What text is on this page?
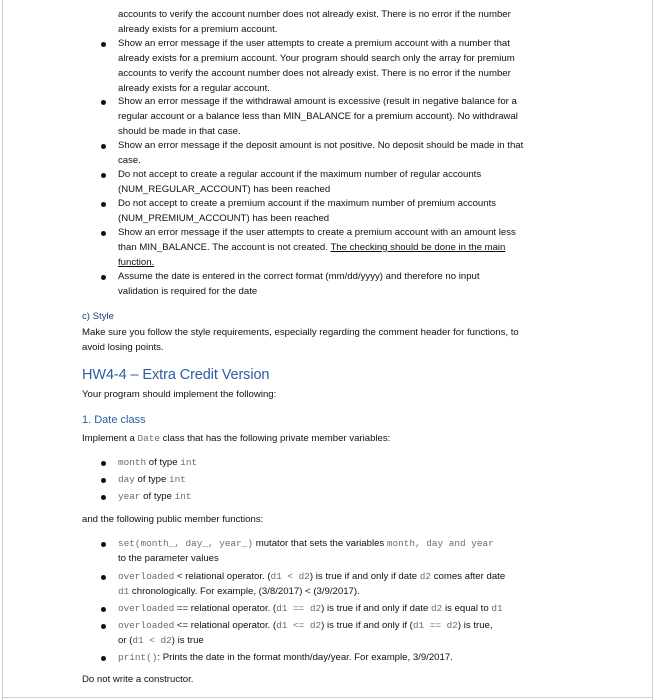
accounts to verify the account number does not already exist. There is no error if the number
already exists for a premium account.
Show an error message if the user attempts to create a premium account with a number that
already exists for a premium account. Your program should search only the array for premium
accounts to verify the account number does not already exist. There is no error if the number
already exists for a regular account.
Show an error message if the withdrawal amount is excessive (result in negative balance for a
regular account or a balance less than MIN_BALANCE for a premium account). No withdrawal
should be made in that case.
Show an error message if the deposit amount is not positive. No deposit should be made in that
case.
Do not accept to create a regular account if the maximum number of regular accounts
(NUM_REGULAR_ACCOUNT) has been reached
Do not accept to create a premium account if the maximum number of premium accounts
(NUM_PREMIUM_ACCOUNT) has been reached
Show an error message if the user attempts to create a premium account with an amount less
than MIN_BALANCE. The account is not created. The checking should be done in the main
function.
Assume the date is entered in the correct format (mm/dd/yyyy) and therefore no input
validation is required for the date
c) Style
Make sure you follow the style requirements, especially regarding the comment header for functions, to
avoid losing points.
HW4-4 – Extra Credit Version
Your program should implement the following:
1. Date class
Implement a Date class that has the following private member variables:
month of type int
day of type int
year of type int
and the following public member functions:
set(month_, day_, year_) mutator that sets the variables month, day and year
to the parameter values
overloaded < relational operator. (d1 < d2) is true if and only if date d2 comes after date
d1 chronologically. For example, (3/8/2017) < (3/9/2017).
overloaded == relational operator. (d1 == d2) is true if and only if date d2 is equal to d1
overloaded <= relational operator. (d1 <= d2) is true if and only if (d1 == d2) is true,
or (d1 < d2) is true
print(): Prints the date in the format month/day/year. For example, 3/9/2017.
Do not write a constructor.
